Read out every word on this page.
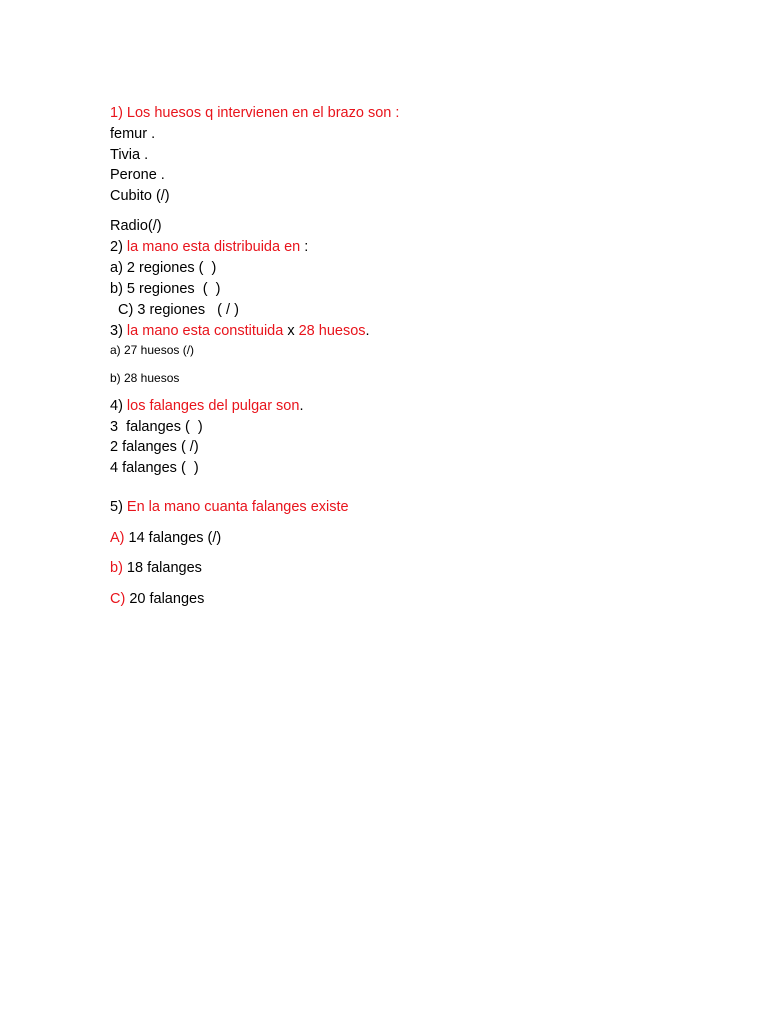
1) Los huesos q intervienen en el brazo son :
femur .
Tivia .
Perone .
Cubito (/)
Radio(/)
2) la mano esta distribuida en :
a) 2 regiones (  )
b) 5 regiones  (  )
C) 3 regiones   ( / )
3) la mano esta constituida x 28 huesos.
a) 27 huesos (/)
b) 28 huesos
4) los falanges del pulgar son.
3  falanges (  )
2 falanges ( /)
4 falanges (  )
5) En la mano cuanta falanges existe
A) 14 falanges (/)
b) 18 falanges
C) 20 falanges
